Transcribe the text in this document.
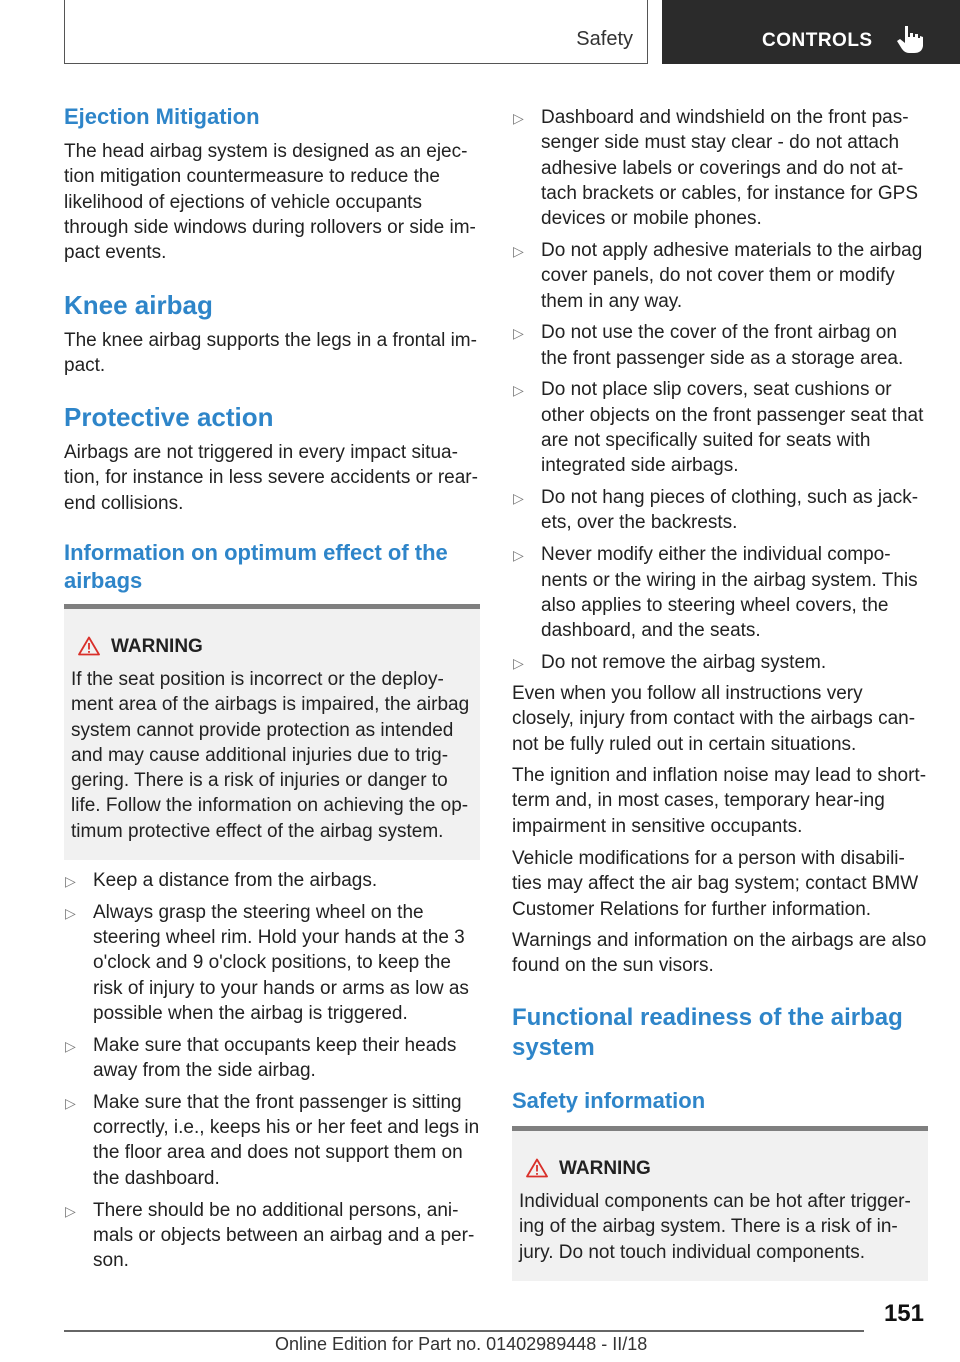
Safety	CONTROLS
Ejection Mitigation

The head airbag system is designed as an ejec‐tion mitigation countermeasure to reduce the likelihood of ejections of vehicle occupants through side windows during rollovers or side im‐pact events.

Knee airbag

The knee airbag supports the legs in a frontal im‐pact.

Protective action

Airbags are not triggered in every impact situa‐tion, for instance in less severe accidents or rear-end collisions.

Information on optimum effect of the airbags
WARNING

If the seat position is incorrect or the deploy‐ment area of the airbags is impaired, the airbag system cannot provide protection as intended and may cause additional injuries due to trig‐gering. There is a risk of injuries or danger to life. Follow the information on achieving the op‐timum protective effect of the airbag system.

▷ Keep a distance from the airbags.
▷ Always grasp the steering wheel on the steering wheel rim. Hold your hands at the 3 o'clock and 9 o'clock positions, to keep the risk of injury to your hands or arms as low as possible when the airbag is triggered.
▷ Make sure that occupants keep their heads away from the side airbag.
▷ Make sure that the front passenger is sitting correctly, i.e., keeps his or her feet and legs in the floor area and does not support them on the dashboard.
▷ There should be no additional persons, ani‐mals or objects between an airbag and a per‐son.
▷ Dashboard and windshield on the front pas‐senger side must stay clear - do not attach adhesive labels or coverings and do not at‐tach brackets or cables, for instance for GPS devices or mobile phones.
▷ Do not apply adhesive materials to the airbag cover panels, do not cover them or modify them in any way.
▷ Do not use the cover of the front airbag on the front passenger side as a storage area.
▷ Do not place slip covers, seat cushions or other objects on the front passenger seat that are not specifically suited for seats with integrated side airbags.
▷ Do not hang pieces of clothing, such as jack‐ets, over the backrests.
▷ Never modify either the individual compo‐nents or the wiring in the airbag system. This also applies to steering wheel covers, the dashboard, and the seats.
▷ Do not remove the airbag system.

Even when you follow all instructions very closely, injury from contact with the airbags can‐not be fully ruled out in certain situations.

The ignition and inflation noise may lead to short-term and, in most cases, temporary hear‐ing impairment in sensitive occupants.

Vehicle modifications for a person with disabili‐ties may affect the air bag system; contact BMW Customer Relations for further information.

Warnings and information on the airbags are also found on the sun visors.

Functional readiness of the airbag system
Safety information
WARNING

Individual components can be hot after trigger‐ing of the airbag system. There is a risk of in‐jury. Do not touch individual components.

151
Online Edition for Part no. 01402989448 - II/18
